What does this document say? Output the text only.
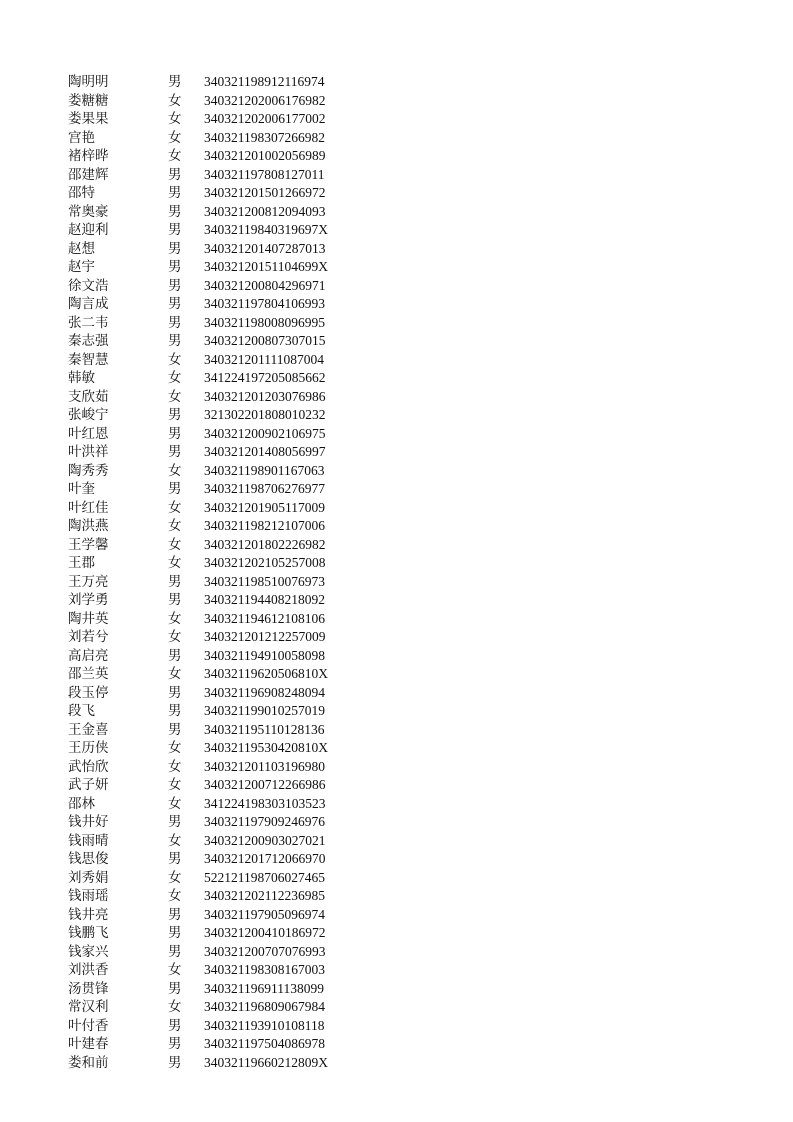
陶明明	男	340321198912116974
娄糖糖	女	340321202006176982
娄果果	女	340321202006177002
宫艳	女	340321198307266982
褚梓晔	女	340321201002056989
邵建辉	男	340321197808127011
邵特	男	340321201501266972
常奥豪	男	340321200812094093
赵迎利	男	34032119840319697X
赵想	男	340321201407287013
赵宇	男	34032120151104699X
徐文浩	男	340321200804296971
陶言成	男	340321197804106993
张二韦	男	340321198008096995
秦志强	男	340321200807307015
秦智慧	女	340321201111087004
韩敏	女	341224197205085662
支欣茹	女	340321201203076986
张峻宁	男	321302201808010232
叶红恩	男	340321200902106975
叶洪祥	男	340321201408056997
陶秀秀	女	340321198901167063
叶奎	男	340321198706276977
叶红佳	女	340321201905117009
陶洪燕	女	340321198212107006
王学馨	女	340321201802226982
王郡	女	340321202105257008
王万亮	男	340321198510076973
刘学勇	男	340321194408218092
陶井英	女	340321194612108106
刘若兮	女	340321201212257009
高启亮	男	340321194910058098
邵兰英	女	34032119620506810X
段玉停	男	340321196908248094
段飞	男	340321199010257019
王金喜	男	340321195110128136
王历侠	女	34032119530420810X
武怡欣	女	340321201103196980
武子妍	女	340321200712266986
邵林	女	341224198303103523
钱井好	男	340321197909246976
钱雨晴	女	340321200903027021
钱思俊	男	340321201712066970
刘秀娟	女	522121198706027465
钱雨瑶	女	340321202112236985
钱井亮	男	340321197905096974
钱鹏飞	男	340321200410186972
钱家兴	男	340321200707076993
刘洪香	女	340321198308167003
汤贯锋	男	340321196911138099
常汉利	女	340321196809067984
叶付香	男	340321193910108118
叶建春	男	340321197504086978
娄和前	男	34032119660212809X
